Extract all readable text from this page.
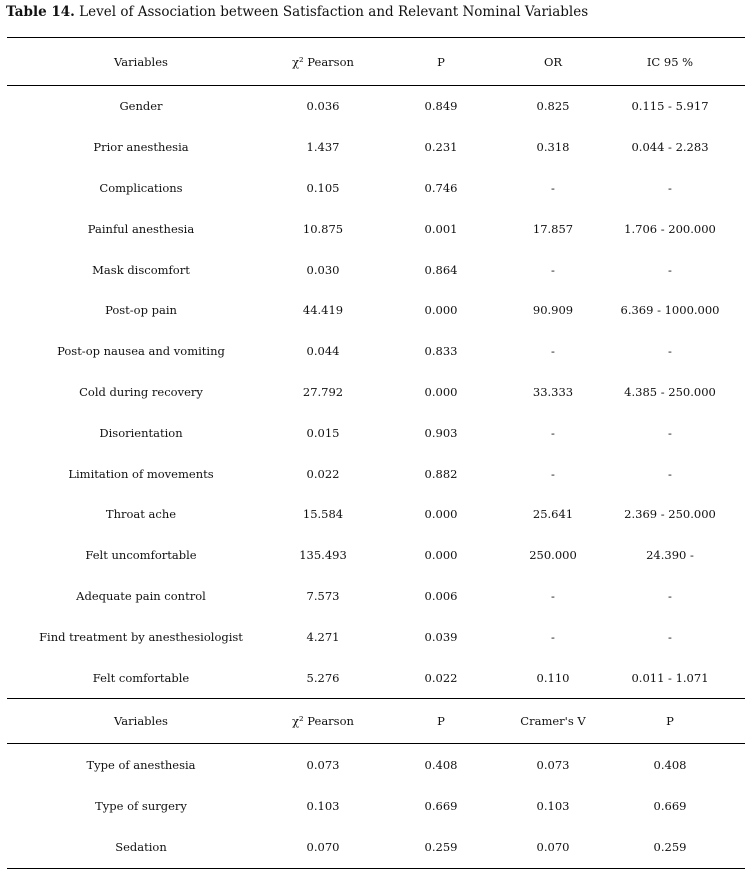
Table 14. Level of Association between Satisfaction and Relevant Nominal Variables
Variables	χ² Pearson	P	OR	IC 95 %
Gender	0.036	0.849	0.825	0.115 - 5.917
Prior anesthesia	1.437	0.231	0.318	0.044 - 2.283
Complications	0.105	0.746	-	-
Painful anesthesia	10.875	0.001	17.857	1.706 - 200.000
Mask discomfort	0.030	0.864	-	-
Post-op pain	44.419	0.000	90.909	6.369 - 1000.000
Post-op nausea and vomiting	0.044	0.833	-	-
Cold during recovery	27.792	0.000	33.333	4.385 - 250.000
Disorientation	0.015	0.903	-	-
Limitation of movements	0.022	0.882	-	-
Throat ache	15.584	0.000	25.641	2.369 - 250.000
Felt uncomfortable	135.493	0.000	250.000	24.390 -
Adequate pain control	7.573	0.006	-	-
Find treatment by anesthesiologist	4.271	0.039	-	-
Felt comfortable	5.276	0.022	0.110	0.011 - 1.071
Variables	χ² Pearson	P	Cramer's V	P
Type of anesthesia	0.073	0.408	0.073	0.408
Type of surgery	0.103	0.669	0.103	0.669
Sedation	0.070	0.259	0.070	0.259
